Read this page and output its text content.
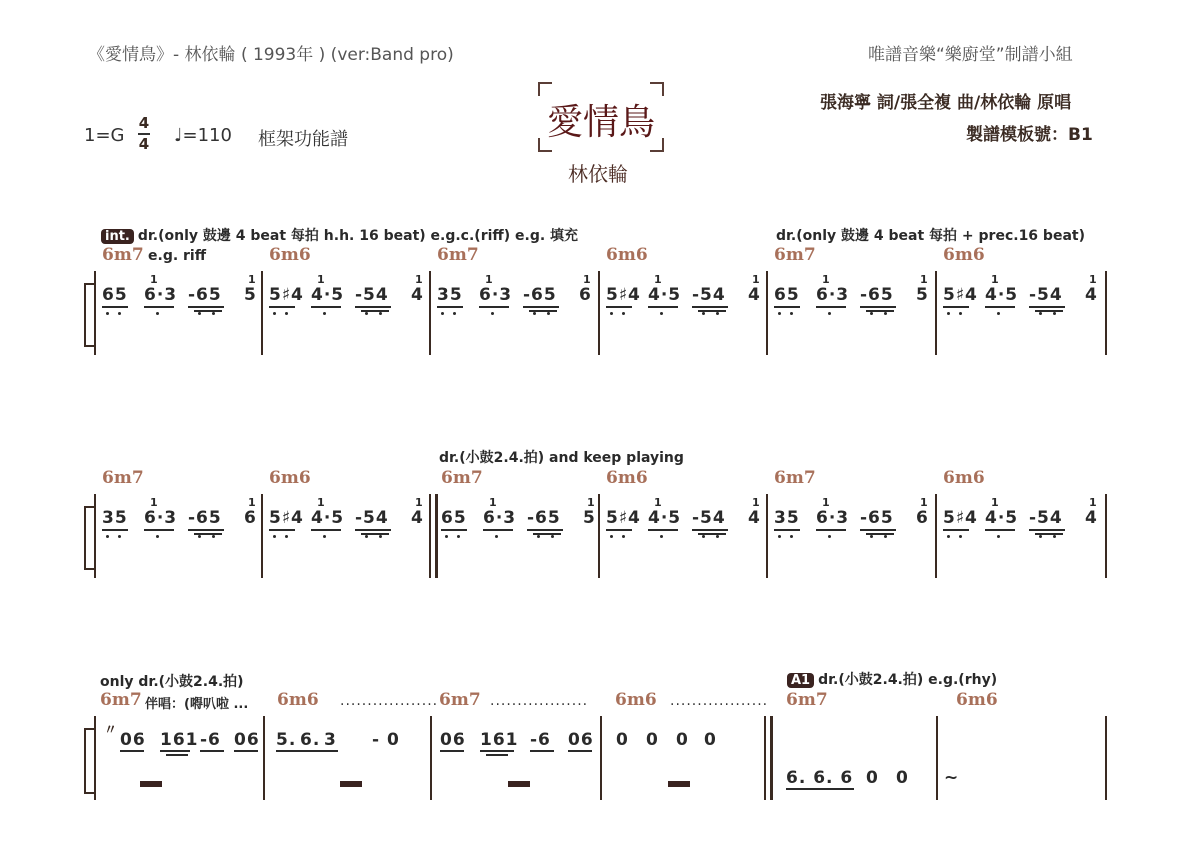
《愛情鳥》- 林依輪 ( 1993年 ) (ver:Band pro)	唯譜音樂“樂廚堂”制譜小組
愛情鳥
林依輪
張海寧 詞/張全複 曲/林依輪 原唱
製譜模板號：B1
1=G
4
4 ♩=110 框架功能譜
int. dr.(only 鼓邊 4 beat 每拍 h.h. 16 beat) e.g.c.(riff) e.g. 填充	dr.(only 鼓邊 4 beat 每拍 + prec.16 beat)
e.g. riff
6m7
65 6·3 -65 5
1	1
6m6
5♯4 4·5 -54 4
1	1
6m7
35 6·3 -65 6
1	1
6m6
5♯4 4·5 -54 4
1	1
6m7
65 6·3 -65 5
1	1
6m6
5♯4 4·5 -54 4
1	1
6m7
35 6·3 -65 6
1	1
6m6
5♯4 4·5 -54 4
1	1
6m7
65 6·3 -65 5
1	1
6m6
5♯4 4·5 -54 4
1	1
6m7
35 6·3 -65 6
1	1
6m6
5♯4 4·5 -54 4
1	1
dr.(小鼓2.4.拍) and keep playing
only dr.(小鼓2.4.拍)	A1 dr.(小鼓2.4.拍) e.g.(rhy)
6m7 伴唱：(嘚叭啦 ... 6m6 .................. 6m7 .................. 6m6 .................. 6m7	6m6
〃 06 161 -6 06 5. 6. 3 - 0 06 161 -6 06 0 0 0 0
6. 6. 6 0 0 ~
